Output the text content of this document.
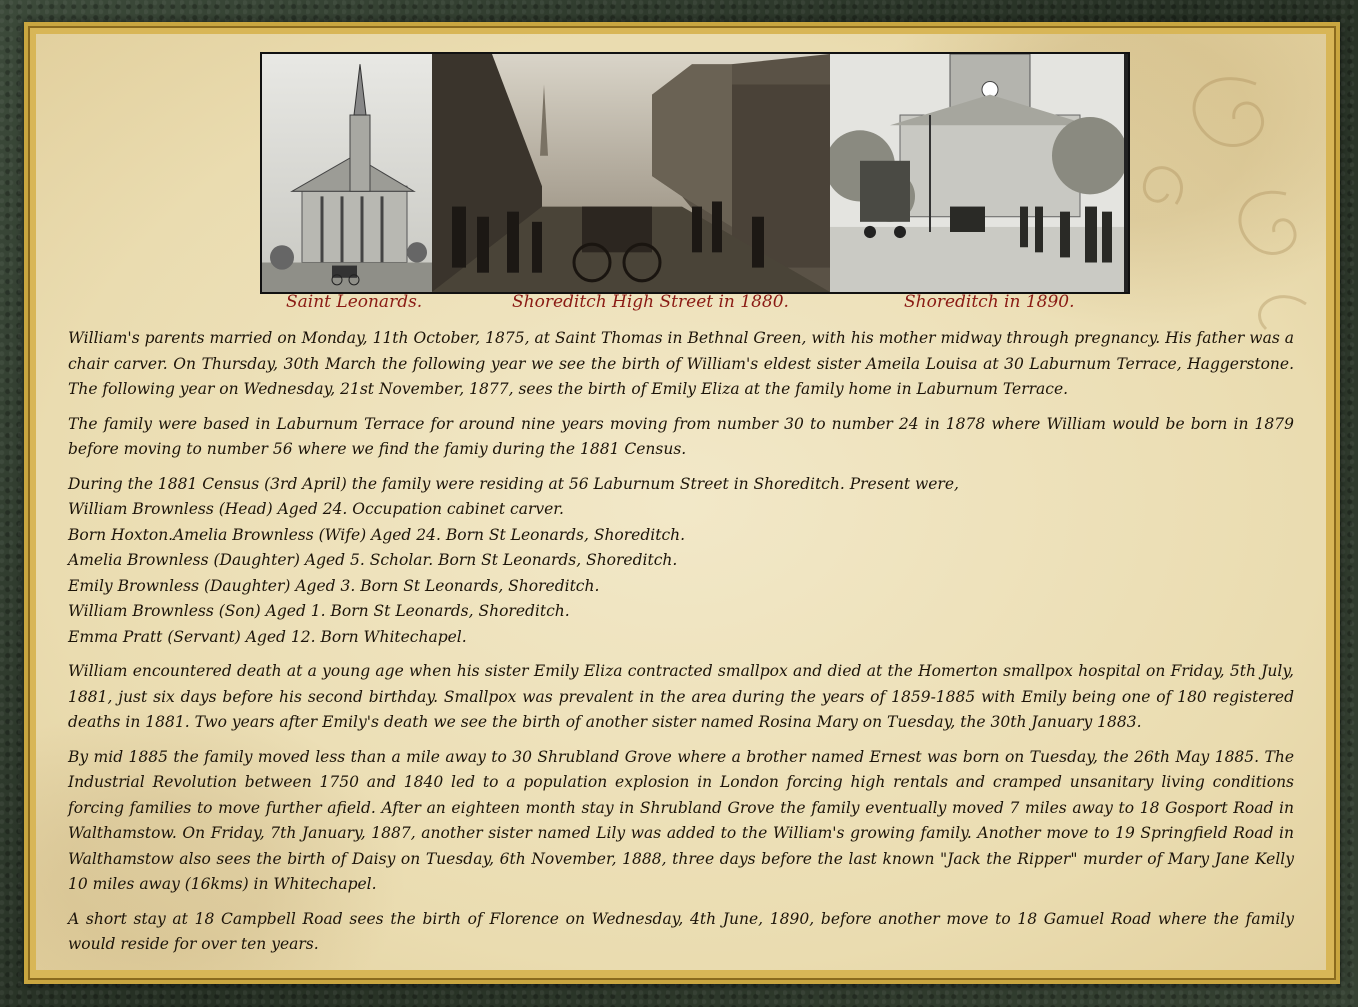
Saint Leonards.	Shoreditch High Street in 1880.	Shoreditch in 1890.

William's parents married on Monday, 11th October, 1875, at Saint Thomas in Bethnal Green, with his mother midway through pregnancy. His father was a chair carver. On Thursday, 30th March the following year we see the birth of William's eldest sister Ameila Louisa at 30 Laburnum Terrace, Haggerstone. The following year on Wednesday, 21st November, 1877, sees the birth of Emily Eliza at the family home in Laburnum Terrace.

The family were based in Laburnum Terrace for around nine years moving from number 30 to number 24 in 1878 where William would be born in 1879 before moving to number 56 where we find the famiy during the 1881 Census.

During the 1881 Census (3rd April) the family were residing at 56 Laburnum Street in Shoreditch. Present were,
William Brownless (Head) Aged 24. Occupation cabinet carver.
Born Hoxton.Amelia Brownless (Wife) Aged 24. Born St Leonards, Shoreditch.
Amelia Brownless (Daughter) Aged 5. Scholar. Born St Leonards, Shoreditch.
Emily Brownless (Daughter) Aged 3. Born St Leonards, Shoreditch.
William Brownless (Son) Aged 1. Born St Leonards, Shoreditch.
Emma Pratt (Servant) Aged 12. Born Whitechapel.

William encountered death at a young age when his sister Emily Eliza contracted smallpox and died at the Homerton smallpox hospital on Friday, 5th July, 1881, just six days before his second birthday. Smallpox was prevalent in the area during the years of 1859-1885 with Emily being one of 180 registered deaths in 1881. Two years after Emily's death we see the birth of another sister named Rosina Mary on Tuesday, the 30th January 1883.

By mid 1885 the family moved less than a mile away to 30 Shrubland Grove where a brother named Ernest was born on Tuesday, the 26th May 1885. The Industrial Revolution between 1750 and 1840 led to a population explosion in London forcing high rentals and cramped unsanitary living conditions forcing families to move further afield. After an eighteen month stay in Shrubland Grove the family eventually moved 7 miles away to 18 Gosport Road in Walthamstow. On Friday, 7th January, 1887, another sister named Lily was added to the William's growing family. Another move to 19 Springfield Road in Walthamstow also sees the birth of Daisy on Tuesday, 6th November, 1888, three days before the last known "Jack the Ripper" murder of Mary Jane Kelly 10 miles away (16kms) in Whitechapel.

A short stay at 18 Campbell Road sees the birth of Florence on Wednesday, 4th June, 1890, before another move to 18 Gamuel Road where the family would reside for over ten years.
